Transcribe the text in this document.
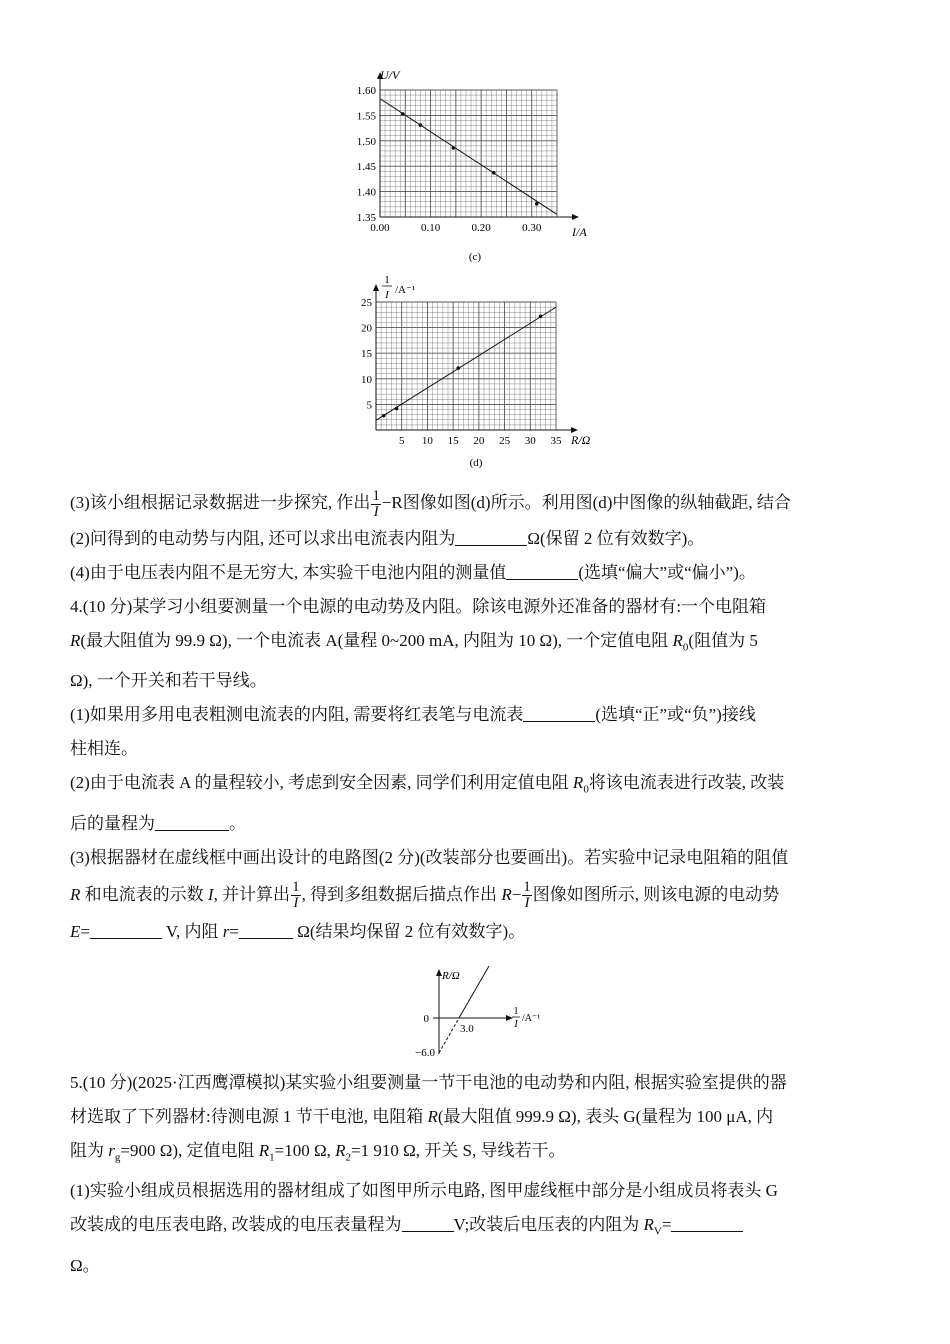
0.00	0.10	0.20	0.30
1.35
1.40
1.45
1.50
1.55
1.60
U/V
I/A
(c)
5 10 15 20 25 30 35
5
10
15
20
25
1
I /A⁻¹
R/Ω
(d)

(3)该小组根据记录数据进一步探究, 作出 $\frac{1}{I} -R$图像如图(d)所示。利用图(d)中图像的纵轴截距, 结合

(2)问得到的电动势与内阻, 还可以求出电流表内阻为	Ω(保留 2 位有效数字)。

(4)由于电压表内阻不是无穷大, 本实验干电池内阻的测量值	(选填“偏大”或“偏小”)。

4.(10 分)某学习小组要测量一个电源的电动势及内阻。除该电源外还准备的器材有:一个电阻箱

R(最大阻值为 99.9 Ω), 一个电流表 A(量程 0~200 mA, 内阻为 10 Ω), 一个定值电阻 $R_0$(阻值为 5

Ω), 一个开关和若干导线。

(1)如果用多用电表粗测电流表的内阻, 需要将红表笔与电流表	(选填“正”或“负”)接线

柱相连。

(2)由于电流表 A 的量程较小, 考虑到安全因素, 同学们利用定值电阻 $R_0$将该电流表进行改装, 改装

后的量程为	。

(3)根据器材在虚线框中画出设计的电路图(2 分)(改装部分也要画出)。若实验中记录电阻箱的阻值

R 和电流表的示数 I, 并计算出 $\frac{1}{I}$ , 得到多组数据后描点作出 $R- \frac{1}{I}$ 图像如图所示, 则该电源的电动势

E=	V, 内阻 r=	Ω(结果均保留 2 位有效数字)。

R/Ω
0
3.0
−6.0
1
I
/A⁻¹

5.(10 分)(2025·江西鹰潭模拟)某实验小组要测量一节干电池的电动势和内阻, 根据实验室提供的器

材选取了下列器材:待测电源 1 节干电池, 电阻箱 R(最大阻值 999.9 Ω), 表头 G(量程为 100 μA, 内

阻为 $r_g=900$ Ω), 定值电阻 $R_1=100$ Ω, $R_2=1$ 910 Ω, 开关 S, 导线若干。

(1)实验小组成员根据选用的器材组成了如图甲所示电路, 图甲虚线框中部分是小组成员将表头 G

改装成的电压表电路, 改装成的电压表量程为	V;改装后电压表的内阻为 $R_V=$

Ω。
